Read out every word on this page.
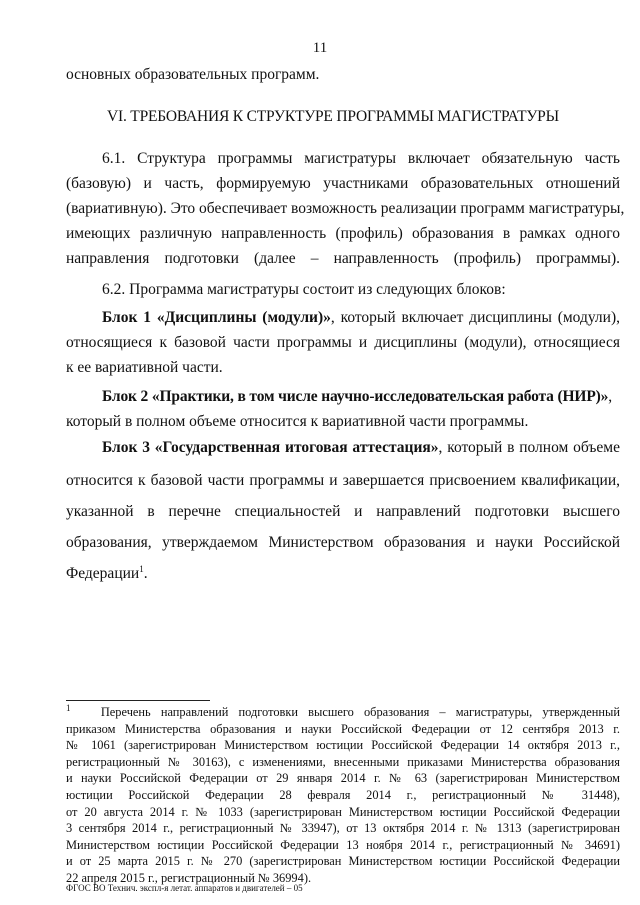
11
основных образовательных программ.
VI. ТРЕБОВАНИЯ К СТРУКТУРЕ ПРОГРАММЫ МАГИСТРАТУРЫ
6.1. Структура программы магистратуры включает обязательную часть
(базовую) и часть, формируемую участниками образовательных отношений
(вариативную). Это обеспечивает возможность реализации программ магистратуры,
имеющих различную направленность (профиль) образования в рамках одного
направления подготовки (далее – направленность (профиль) программы).
6.2. Программа магистратуры состоит из следующих блоков:
Блок 1 «Дисциплины (модули)», который включает дисциплины (модули),
относящиеся к базовой части программы и дисциплины (модули), относящиеся
к ее вариативной части.
Блок 2 «Практики, в том числе научно-исследовательская работа (НИР)»,
который в полном объеме относится к вариативной части программы.
Блок 3 «Государственная итоговая аттестация», который в полном объеме
относится к базовой части программы и завершается присвоением квалификации,
указанной в перечне специальностей и направлений подготовки высшего
образования, утверждаемом Министерством образования и науки Российской
Федерации$^1$.
$^1$ Перечень направлений подготовки высшего образования – магистратуры, утвержденный
приказом Министерства образования и науки Российской Федерации от 12 сентября 2013 г.
№ 1061 (зарегистрирован Министерством юстиции Российской Федерации 14 октября 2013 г.,
регистрационный № 30163), с изменениями, внесенными приказами Министерства образования
и науки Российской Федерации от 29 января 2014 г. № 63 (зарегистрирован Министерством
юстиции Российской Федерации 28 февраля 2014 г., регистрационный № 31448),
от 20 августа 2014 г. № 1033 (зарегистрирован Министерством юстиции Российской Федерации
3 сентября 2014 г., регистрационный № 33947), от 13 октября 2014 г. № 1313 (зарегистрирован
Министерством юстиции Российской Федерации 13 ноября 2014 г., регистрационный № 34691)
и от 25 марта 2015 г. № 270 (зарегистрирован Министерством юстиции Российской Федерации
22 апреля 2015 г., регистрационный № 36994).
ФГОС ВО Технич. экспл-я летат. аппаратов и двигателей – 05
